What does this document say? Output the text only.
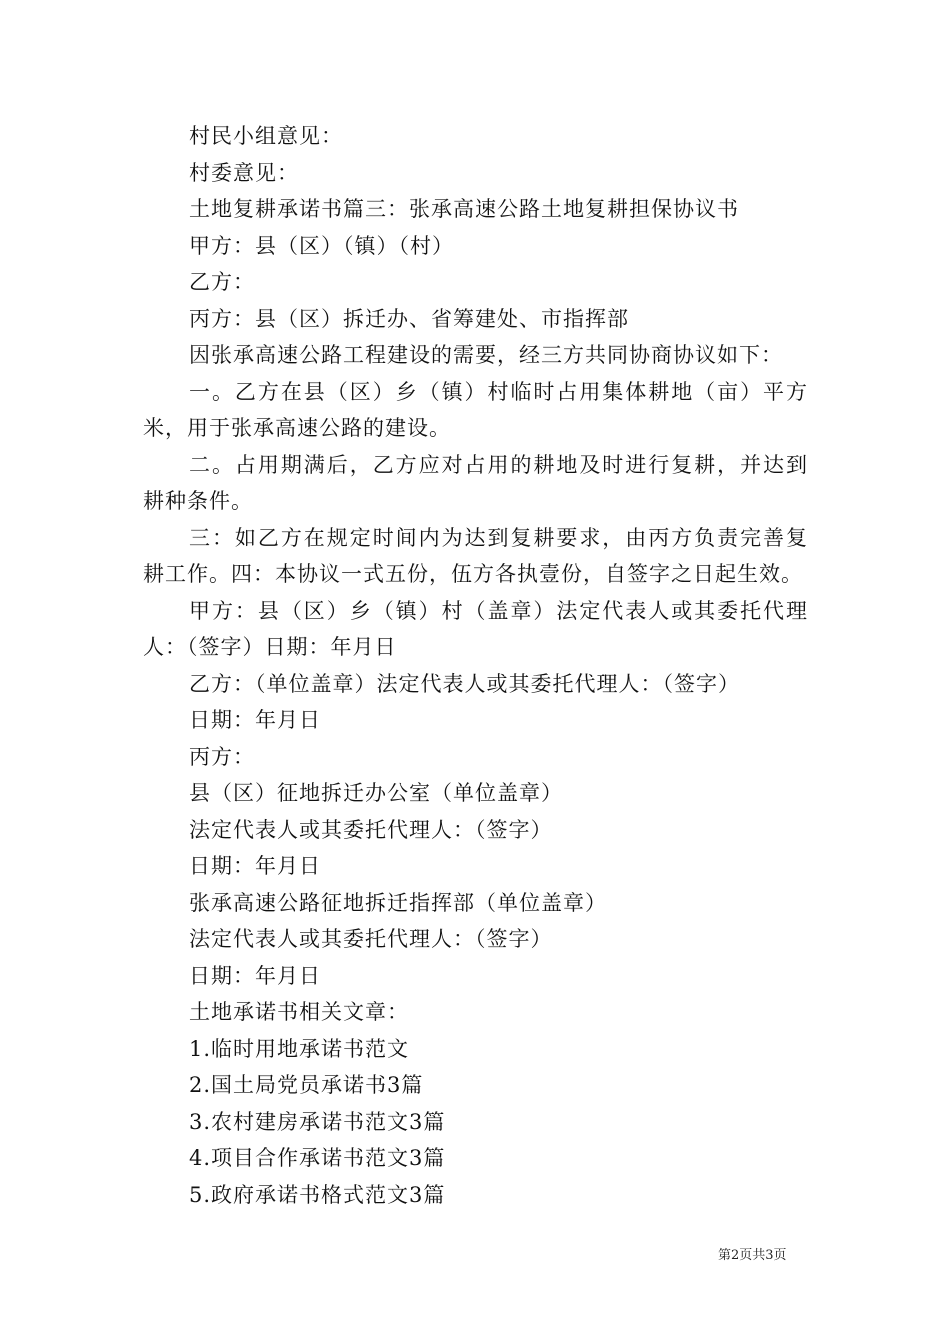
村民小组意见：
村委意见：
土地复耕承诺书篇三：张承高速公路土地复耕担保协议书
甲方：县（区）（镇）（村）
乙方：
丙方：县（区）拆迁办、省筹建处、市指挥部
因张承高速公路工程建设的需要，经三方共同协商协议如下：
一。乙方在县（区）乡（镇）村临时占用集体耕地（亩）平方
米，用于张承高速公路的建设。
二。占用期满后，乙方应对占用的耕地及时进行复耕，并达到
耕种条件。
三：如乙方在规定时间内为达到复耕要求，由丙方负责完善复
耕工作。四：本协议一式五份，伍方各执壹份，自签字之日起生效。
甲方：县（区）乡（镇）村（盖章）法定代表人或其委托代理
人：（签字）日期：年月日
乙方：（单位盖章）法定代表人或其委托代理人：（签字）
日期：年月日
丙方：
县（区）征地拆迁办公室（单位盖章）
法定代表人或其委托代理人：（签字）
日期：年月日
张承高速公路征地拆迁指挥部（单位盖章）
法定代表人或其委托代理人：（签字）
日期：年月日
土地承诺书相关文章：
1.临时用地承诺书范文
2.国土局党员承诺书3篇
3.农村建房承诺书范文3篇
4.项目合作承诺书范文3篇
5.政府承诺书格式范文3篇
第2页共3页
